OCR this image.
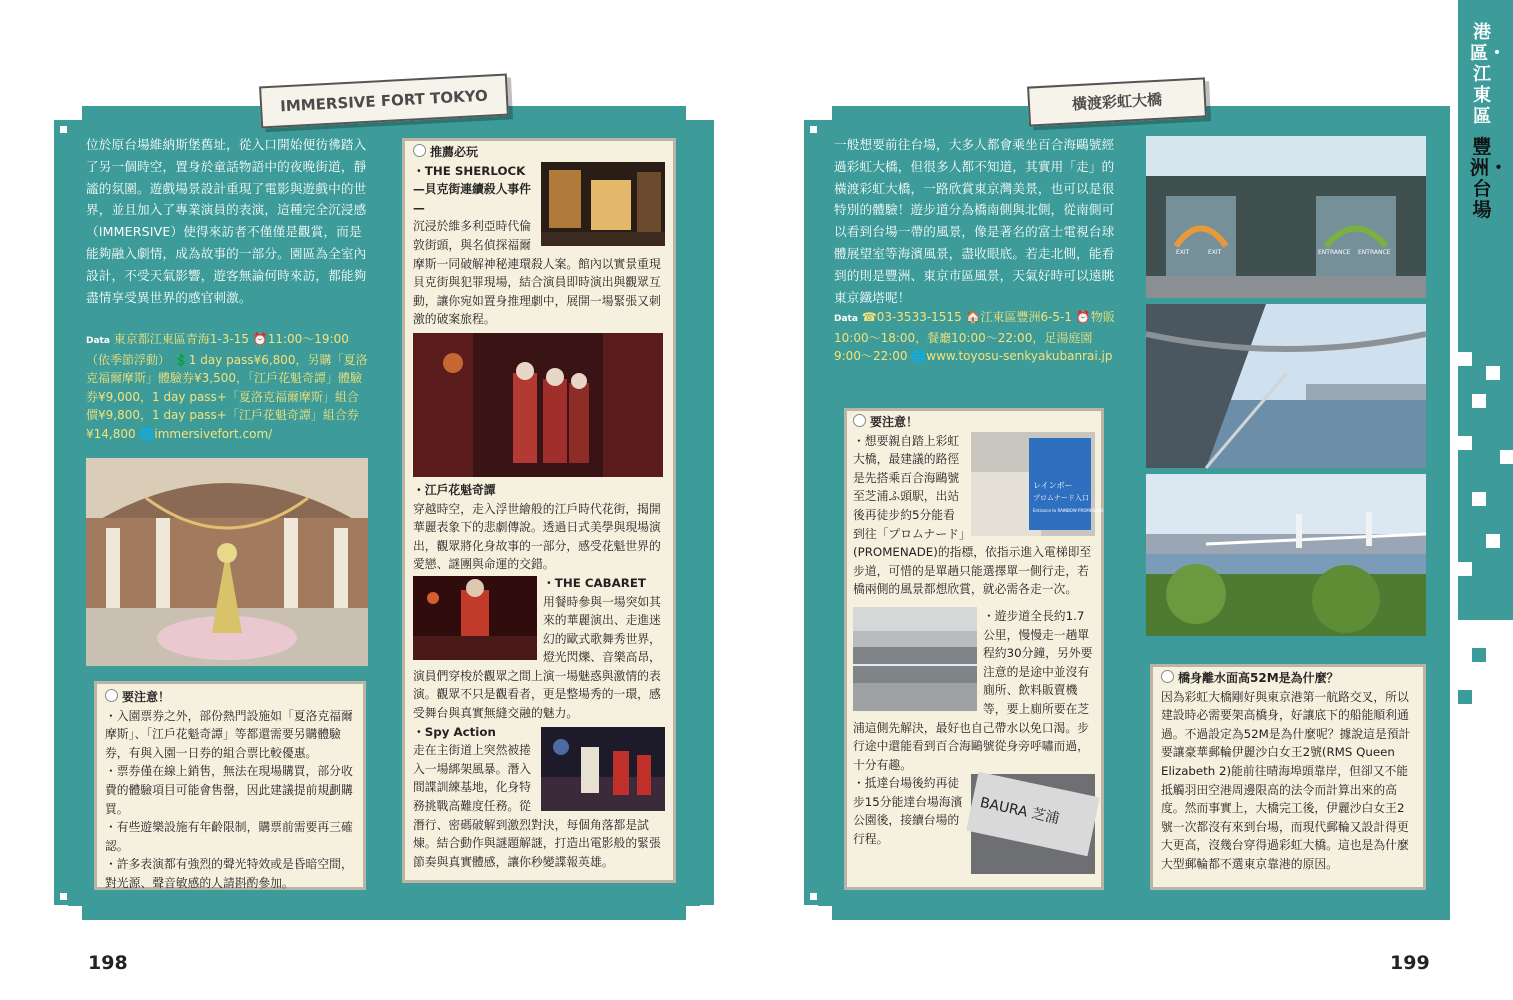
IMMERSIVE FORT TOKYO
位於原台場維納斯堡舊址，從入口開始便彷彿踏入了另一個時空，置身於童話物語中的夜晚街道，靜謐的氛圍。遊戲場景設計重現了電影與遊戲中的世界，並且加入了專業演員的表演，這種完全沉浸感（IMMERSIVE）使得來訪者不僅僅是觀賞，而是能夠融入劇情，成為故事的一部分。園區為全室內設計，不受天氣影響，遊客無論何時來訪，都能夠盡情享受異世界的感官刺激。
Data 東京都江東區青海1-3-15 ⏰11:00～19:00（依季節浮動） 💲1 day pass¥6,800，另購「夏洛克福爾摩斯」體驗券¥3,500，「江戶花魁奇譚」體驗券¥9,000，1 day pass+「夏洛克福爾摩斯」組合價¥9,800，1 day pass+「江戶花魁奇譚」組合券¥14,800 🌐immersivefort.com/
要注意！

・入園票券之外，部份熱門設施如「夏洛克福爾摩斯」、「江戶花魁奇譚」等都還需要另購體驗券，有與入園一日券的組合票比較優惠。

・票券僅在線上銷售，無法在現場購買，部分收費的體驗項目可能會售罄，因此建議提前規劃購買。

・有些遊樂設施有年齡限制，購票前需要再三確認。

・許多表演都有強烈的聲光特效或是昏暗空間，對光源、聲音敏感的人請斟酌參加。

推薦必玩

・THE SHERLOCK—貝克街連續殺人事件—

沉浸於維多利亞時代倫敦街頭，與名偵探福爾摩斯一同破解神秘連環殺人案。館內以實景重現貝克街與犯罪現場，結合演員即時演出與觀眾互動，讓你宛如置身推理劇中，展開一場緊張又刺激的破案旅程。

・江戶花魁奇譚

穿越時空，走入浮世繪般的江戶時代花街，揭開華麗表象下的悲劇傳說。透過日式美學與現場演出，觀眾將化身故事的一部分，感受花魁世界的愛戀、謎團與命運的交錯。

・THE CABARET

用餐時參與一場突如其來的華麗演出、走進迷幻的歐式歌舞秀世界，燈光閃爍、音樂高昂，演員們穿梭於觀眾之間上演一場魅惑與激情的表演。觀眾不只是觀看者，更是整場秀的一環，感受舞台與真實無縫交融的魅力。

・Spy Action

走在主街道上突然被捲入一場綁架風暴。潛入間諜訓練基地，化身特務挑戰高難度任務。從潛行、密碼破解到激烈對決，每個角落都是試煉。結合動作與謎題解謎，打造出電影般的緊張節奏與真實體感，讓你秒變諜報英雄。

198
橫渡彩虹大橋
一般想要前往台場，大多人都會乘坐百合海鷗號經過彩虹大橋，但很多人都不知道，其實用「走」的橫渡彩虹大橋，一路欣賞東京灣美景，也可以是很特別的體驗！遊步道分為橋南側與北側，從南側可以看到台場一帶的風景，像是著名的富士電視台球體展望室等海濱風景，盡收眼底。若走北側，能看到的則是豐洲、東京市區風景，天氣好時可以遠眺東京鐵塔呢！
Data ☎03-3533-1515 🏠江東區豐洲6-5-1 ⏰物販10:00～18:00，餐廳10:00～22:00，足湯庭園9:00～22:00 🌐www.toyosu-senkyakubanrai.jp
要注意！
レインボー
プロムナード入口
Entrance to RAINBOW PROMENADE

・想要親自踏上彩虹大橋，最建議的路徑是先搭乘百合海鷗號至芝浦ふ頭駅，出站後再徒步約5分能看到往「プロムナード」(PROMENADE)的指標，依指示進入電梯即至步道，可惜的是單趟只能選擇單一側行走，若橋兩側的風景都想欣賞，就必需各走一次。

・遊步道全長約1.7公里，慢慢走一趟單程約30分鐘，另外要注意的是途中並沒有廁所、飲料販賣機等，要上廁所要在芝浦這側先解決，最好也自己帶水以免口渴。步行途中還能看到百合海鷗號從身旁呼嘯而過，十分有趣。

BAURA 芝浦

・抵達台場後約再徒步15分能達台場海濱公園後，接續台場的行程。

EXIT	EXIT	ENTRANCE ENTRANCE
橋身離水面高52M是為什麼？

因為彩虹大橋剛好與東京港第一航路交叉，所以建設時必需要架高橋身，好讓底下的船能順利通過。不過設定為52M是為什麼呢？據說這是預計要讓豪華郵輪伊麗沙白女王2號(RMS Queen Elizabeth 2)能前往晴海埠頭靠岸，但卻又不能抵觸羽田空港周邊限高的法令而計算出來的高度。然而事實上，大橋完工後，伊麗沙白女王2號一次都沒有來到台場，而現代郵輪又設計得更大更高，沒幾台穿得過彩虹大橋。這也是為什麼大型郵輪都不選東京靠港的原因。

199
港區・江東區
豐洲・台場
